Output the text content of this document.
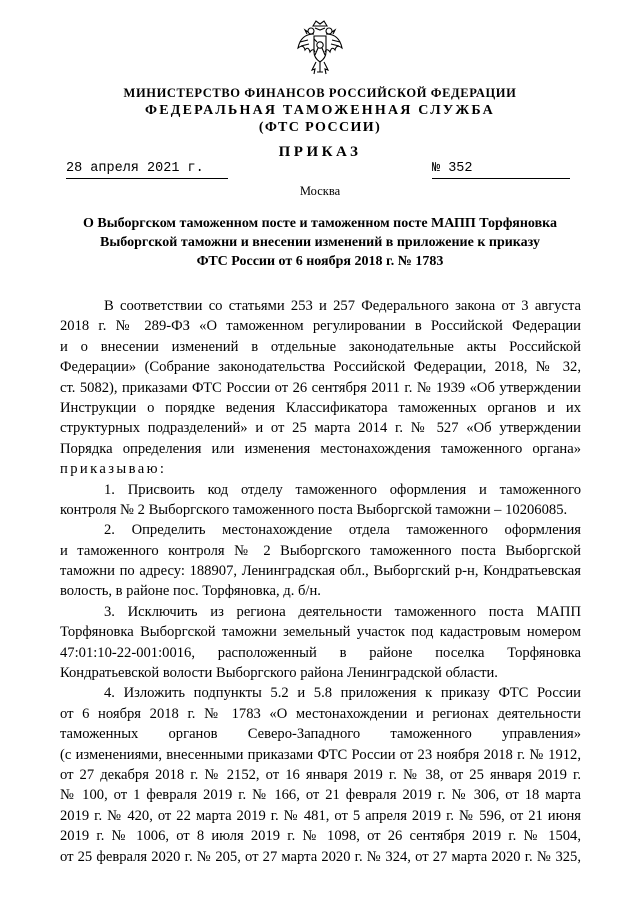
МИНИСТЕРСТВО ФИНАНСОВ РОССИЙСКОЙ ФЕДЕРАЦИИ
ФЕДЕРАЛЬНАЯ ТАМОЖЕННАЯ СЛУЖБА
(ФТС РОССИИ)
ПРИКАЗ
28 апреля 2021 г.	№ 352
Москва
О Выборгском таможенном посте и таможенном посте МАПП Торфяновка
Выборгской таможни и внесении изменений в приложение к приказу
ФТС России от 6 ноября 2018 г. № 1783
В соответствии со статьями 253 и 257 Федерального закона от 3 августа
2018 г. № 289-ФЗ «О таможенном регулировании в Российской Федерации
и о внесении изменений в отдельные законодательные акты Российской
Федерации» (Собрание законодательства Российской Федерации, 2018, № 32,
ст. 5082), приказами ФТС России от 26 сентября 2011 г. № 1939 «Об утверждении
Инструкции о порядке ведения Классификатора таможенных органов и их
структурных подразделений» и от 25 марта 2014 г. № 527 «Об утверждении
Порядка определения или изменения местонахождения таможенного органа»
приказываю:
1. Присвоить код отделу таможенного оформления и таможенного
контроля № 2 Выборгского таможенного поста Выборгской таможни – 10206085.
2. Определить местонахождение отдела таможенного оформления
и таможенного контроля № 2 Выборгского таможенного поста Выборгской
таможни по адресу: 188907, Ленинградская обл., Выборгский р-н, Кондратьевская
волость, в районе пос. Торфяновка, д. б/н.
3. Исключить из региона деятельности таможенного поста МАПП
Торфяновка Выборгской таможни земельный участок под кадастровым номером
47:01:10-22-001:0016, расположенный в районе поселка Торфяновка
Кондратьевской волости Выборгского района Ленинградской области.
4. Изложить подпункты 5.2 и 5.8 приложения к приказу ФТС России
от 6 ноября 2018 г. № 1783 «О местонахождении и регионах деятельности
таможенных органов Северо-Западного таможенного управления»
(с изменениями, внесенными приказами ФТС России от 23 ноября 2018 г. № 1912,
от 27 декабря 2018 г. № 2152, от 16 января 2019 г. № 38, от 25 января 2019 г.
№ 100, от 1 февраля 2019 г. № 166, от 21 февраля 2019 г. № 306, от 18 марта
2019 г. № 420, от 22 марта 2019 г. № 481, от 5 апреля 2019 г. № 596, от 21 июня
2019 г. № 1006, от 8 июля 2019 г. № 1098, от 26 сентября 2019 г. № 1504,
от 25 февраля 2020 г. № 205, от 27 марта 2020 г. № 324, от 27 марта 2020 г. № 325,
